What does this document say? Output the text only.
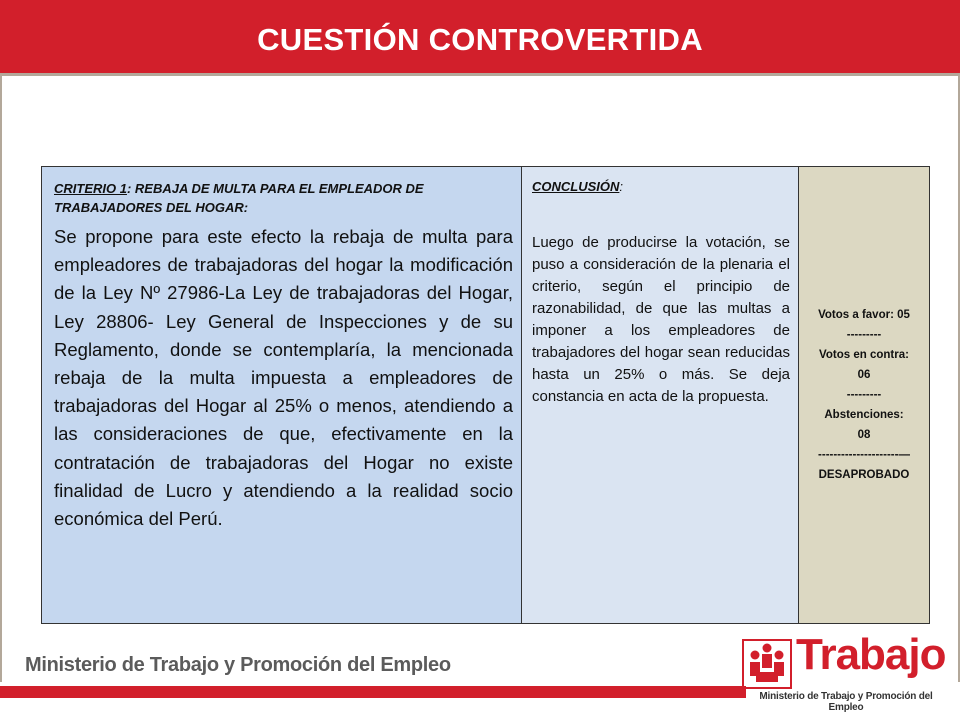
CUESTIÓN CONTROVERTIDA
CRITERIO 1: REBAJA DE MULTA PARA EL EMPLEADOR DE TRABAJADORES DEL HOGAR:
Se propone para este efecto la rebaja de multa para empleadores de trabajadoras del hogar la modificación de la Ley Nº 27986-La Ley de trabajadoras del Hogar, Ley 28806- Ley General de Inspecciones y de su Reglamento, donde se contemplaría, la mencionada rebaja de la multa impuesta a empleadores de trabajadoras del Hogar al 25% o menos, atendiendo a las consideraciones de que, efectivamente en la contratación de trabajadoras del Hogar no existe finalidad de Lucro y atendiendo a la realidad socio económica del Perú.

CONCLUSIÓN:
Luego de producirse la votación, se puso a consideración de la plenaria el criterio, según el principio de razonabilidad, de que las multas a imponer a los empleadores de trabajadores del hogar sean reducidas hasta un 25% o más. Se deja constancia en acta de la propuesta.

Votos a favor: 05
---------
Votos en contra:
06
---------
Abstenciones:
08
---------------------—
DESAPROBADO
Ministerio de Trabajo y Promoción del Empleo	Trabajo
Ministerio de Trabajo y Promoción del Empleo
